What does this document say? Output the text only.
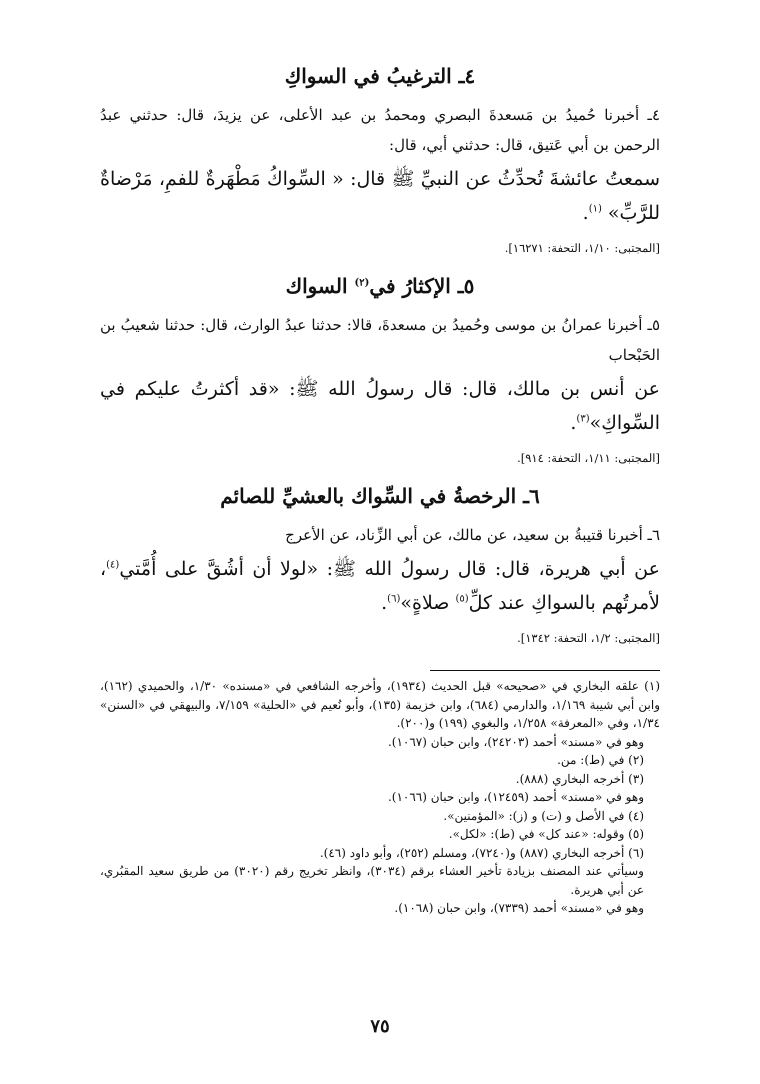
٤ـ الترغيبُ في السواكِ

٤ـ أخبرنا حُميدُ بن مَسعدةَ البصري ومحمدُ بن عبد الأعلى، عن يزيدَ، قال: حدثني عبدُ الرحمن بن أبي عَتيق، قال: حدثني أبي، قال:

سمعتُ عائشةَ تُحدِّثُ عن النبيِّ ﷺ قال: « السِّواكُ مَطْهَرةٌ للفمِ، مَرْضاةٌ للرَّبِّ» $^{(١)}$.

[المجتبى: ١/١٠، التحفة: ١٦٢٧١].

٥ـ الإكثارُ في$^{(٢)}$ السواك

٥ـ أخبرنا عمرانُ بن موسى وحُميدُ بن مسعدةَ، قالا: حدثنا عبدُ الوارث، قال: حدثنا شعيبُ بن الحَبْحاب

عن أنس بن مالك، قال: قال رسولُ الله ﷺ: «قد أكثرتُ عليكم في السِّواكِ»$^{(٣)}$.

[المجتبى: ١/١١، التحفة: ٩١٤].

٦ـ الرخصةُ في السِّواك بالعشيِّ للصائم

٦ـ أخبرنا قتيبةُ بن سعيد، عن مالك، عن أبي الزِّناد، عن الأعرج

عن أبي هريرة، قال: قال رسولُ الله ﷺ: «لولا أن أشُقَّ على أُمَّتي$^{(٤)}$، لأمرتُهم بالسواكِ عند كلِّ$^{(٥)}$ صلاةٍ»$^{(٦)}$.

[المجتبى: ١/٢، التحفة: ١٣٤٢].

(١) علقه البخاري في «صحيحه» قبل الحديث (١٩٣٤)، وأخرجه الشافعي في «مسنده» ١/٣٠، والحميدي (١٦٢)، وابن أبي شيبة ١/١٦٩، والدارمي (٦٨٤)، وابن خزيمة (١٣٥)، وأبو نُعيم في «الحلية» ٧/١٥٩، والبيهقي في «السنن» ١/٣٤، وفي «المعرفة» ١/٢٥٨، والبغوي (١٩٩) و(٢٠٠).

وهو في «مسند» أحمد (٢٤٢٠٣)، وابن حبان (١٠٦٧).

(٢) في (ط): من.

(٣) أخرجه البخاري (٨٨٨).

وهو في «مسند» أحمد (١٢٤٥٩)، وابن حبان (١٠٦٦).

(٤) في الأصل و (ت) و (ز): «المؤمنين».

(٥) وقوله: «عند كل» في (ط): «لكل».

(٦) أخرجه البخاري (٨٨٧) و(٧٢٤٠)، ومسلم (٢٥٢)، وأبو داود (٤٦).

وسيأتي عند المصنف بزيادة تأخير العشاء برقم (٣٠٣٤)، وانظر تخريج رقم (٣٠٢٠) من طريق سعيد المقبُري، عن أبي هريرة.

وهو في «مسند» أحمد (٧٣٣٩)، وابن حبان (١٠٦٨).

٧٥
